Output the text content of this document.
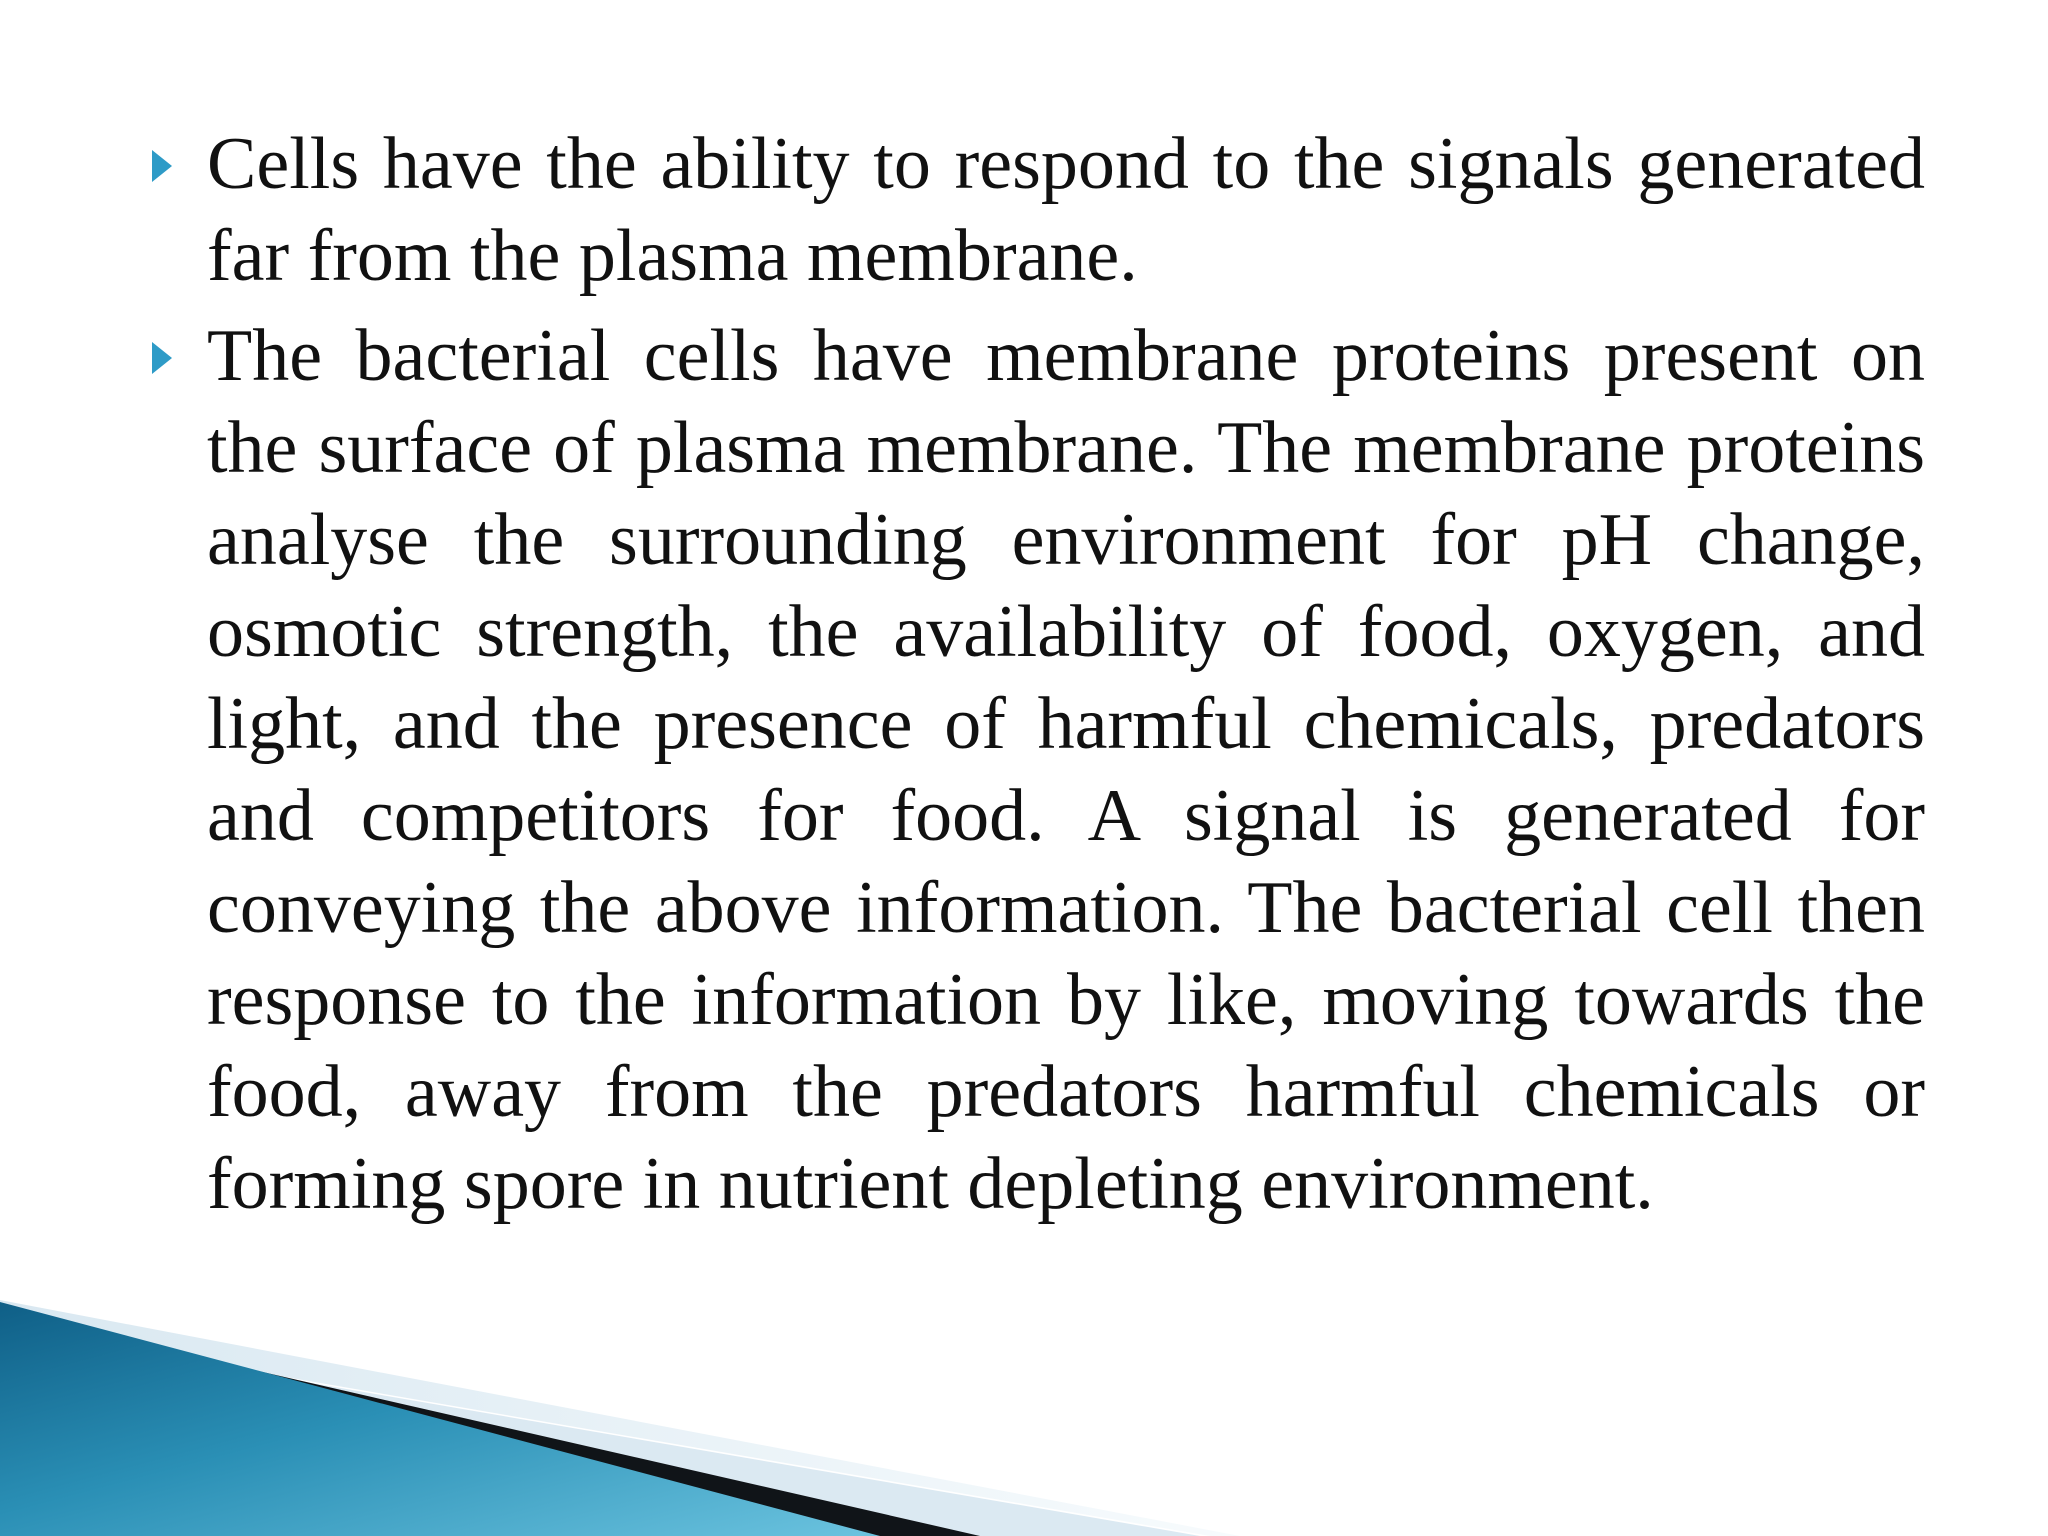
Cells have the ability to respond to the signals generated far from the plasma membrane.

The bacterial cells have membrane proteins present on the surface of plasma membrane. The membrane proteins analyse the surrounding environment for pH change, osmotic strength, the availability of food, oxygen, and light, and the presence of harmful chemicals, predators and competitors for food. A signal is generated for conveying the above information. The bacterial cell then response to the information by like, moving towards the food, away from the predators harmful chemicals or forming spore in nutrient depleting environment.
